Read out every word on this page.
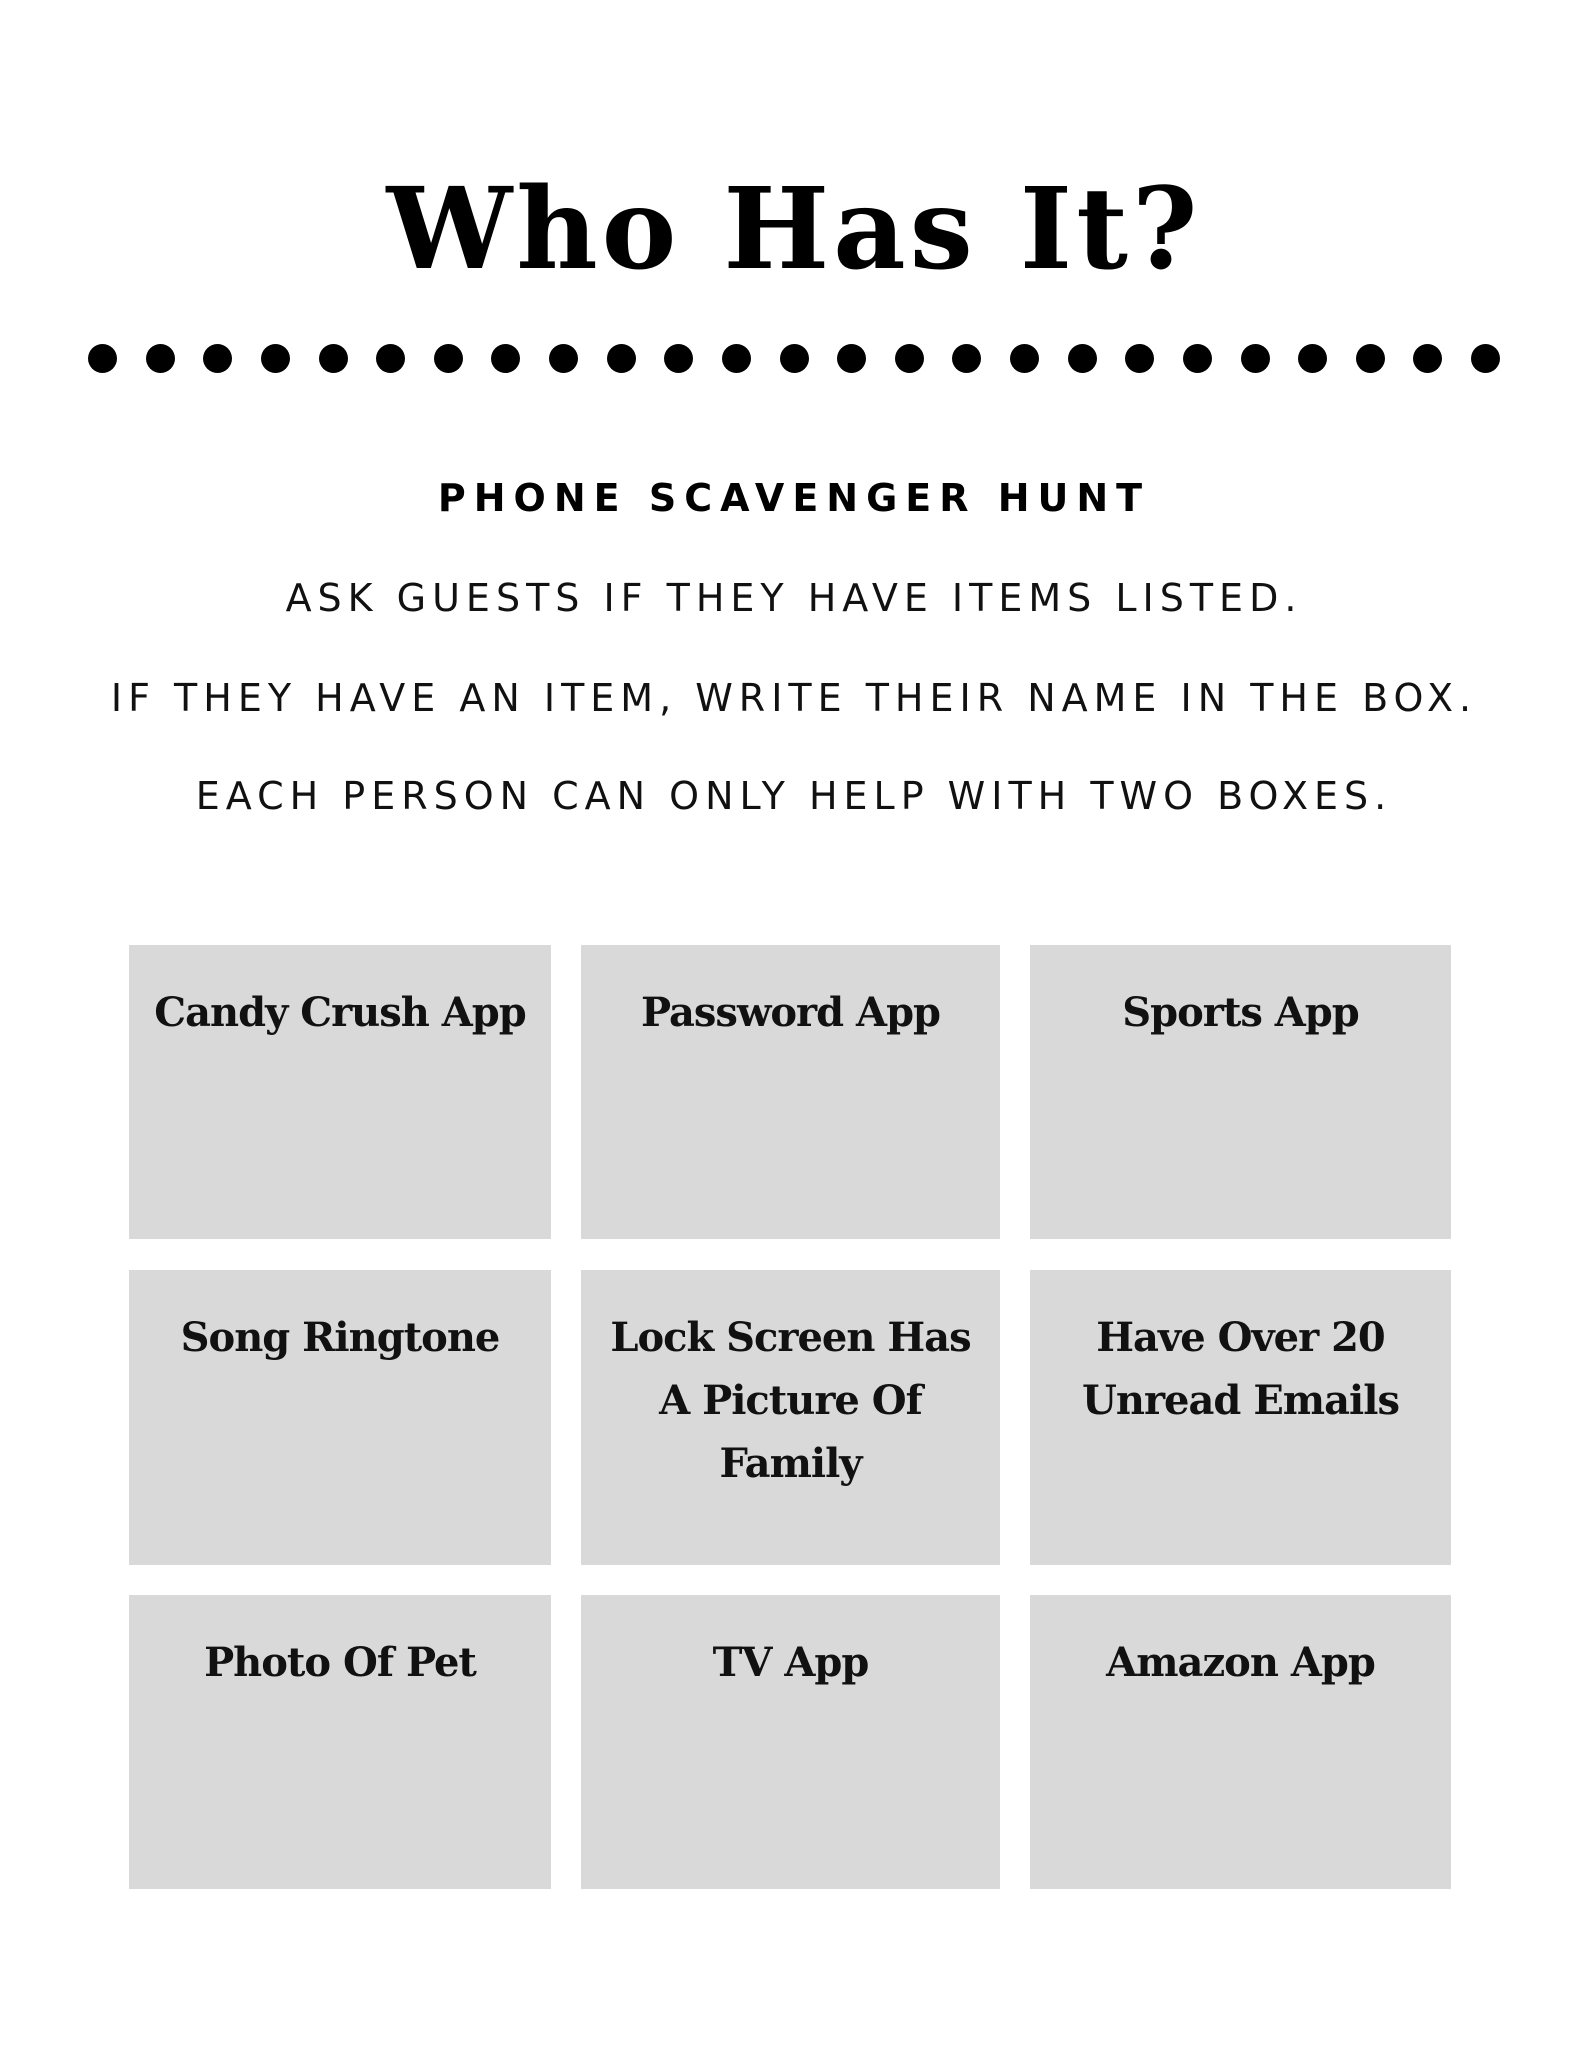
Who Has It?
PHONE SCAVENGER HUNT
ASK GUESTS IF THEY HAVE ITEMS LISTED.
IF THEY HAVE AN ITEM, WRITE THEIR NAME IN THE BOX.
EACH PERSON CAN ONLY HELP WITH TWO BOXES.
Candy Crush App	Password App	Sports App
Song Ringtone	Lock Screen Has A Picture Of Family
Have Over 20 Unread Emails
Photo Of Pet	TV App	Amazon App
